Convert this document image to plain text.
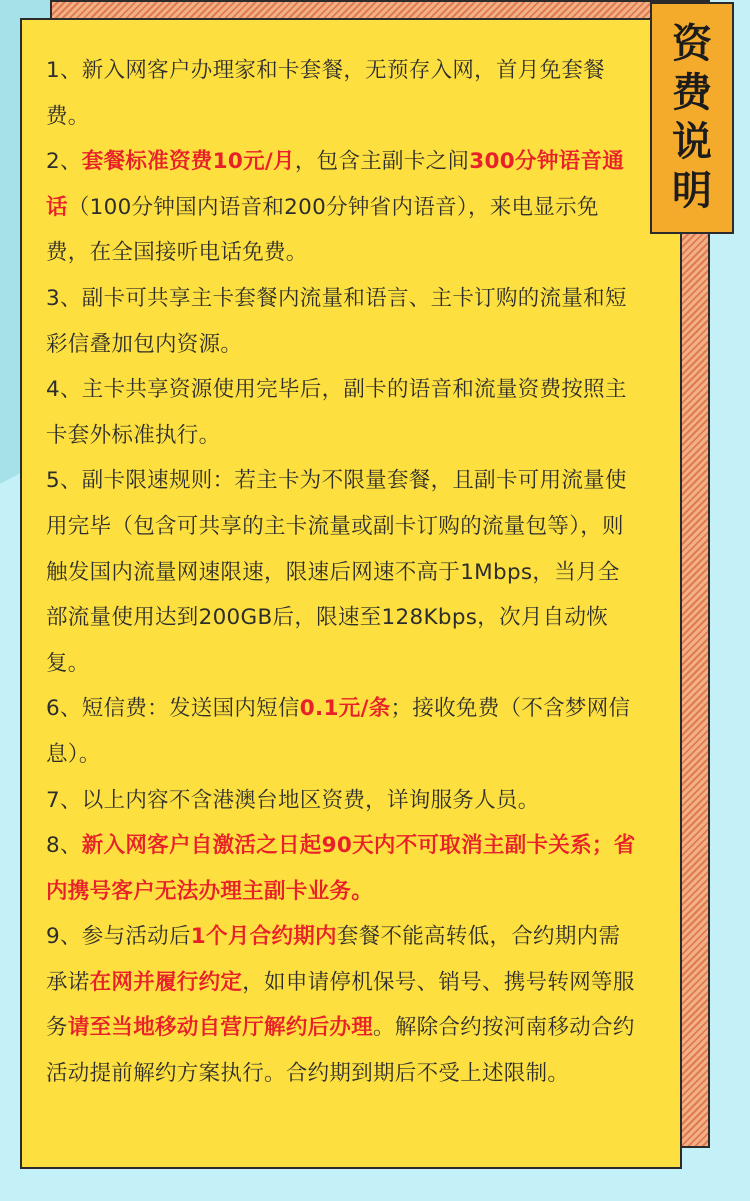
1、新入网客户办理家和卡套餐，无预存入网，首月免套餐费。

2、套餐标准资费10元/月，包含主副卡之间300分钟语音通话（100分钟国内语音和200分钟省内语音），来电显示免费，在全国接听电话免费。

3、副卡可共享主卡套餐内流量和语言、主卡订购的流量和短彩信叠加包内资源。

4、主卡共享资源使用完毕后，副卡的语音和流量资费按照主卡套外标准执行。

5、副卡限速规则：若主卡为不限量套餐，且副卡可用流量使用完毕（包含可共享的主卡流量或副卡订购的流量包等），则触发国内流量网速限速，限速后网速不高于1Mbps，当月全部流量使用达到200GB后，限速至128Kbps，次月自动恢复。

6、短信费：发送国内短信0.1元/条；接收免费（不含梦网信息）。

7、以上内容不含港澳台地区资费，详询服务人员。

8、新入网客户自激活之日起90天内不可取消主副卡关系；省内携号客户无法办理主副卡业务。

9、参与活动后1个月合约期内套餐不能高转低，合约期内需承诺在网并履行约定，如申请停机保号、销号、携号转网等服务请至当地移动自营厅解约后办理。解除合约按河南移动合约活动提前解约方案执行。合约期到期后不受上述限制。

资
费
说
明
